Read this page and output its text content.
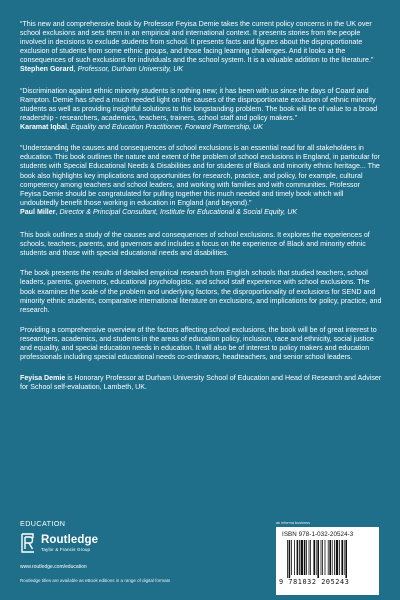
“This new and comprehensive book by Professor Feyisa Demie takes the current policy concerns in the UK over school exclusions and sets them in an empirical and international context. It presents stories from the people involved in decisions to exclude students from school. It presents facts and figures about the disproportionate exclusion of students from some ethnic groups, and those facing learning challenges. And it looks at the consequences of such exclusions for individuals and the school system. It is a valuable addition to the literature.”

Stephen Gorard, Professor, Durham University, UK

“Discrimination against ethnic minority students is nothing new; it has been with us since the days of Coard and Rampton. Demie has shed a much needed light on the causes of the disproportionate exclusion of ethnic minority students as well as providing insightful solutions to this longstanding problem. The book will be of value to a broad readership - researchers, academics, teachers, trainers, school staff and policy makers.”

Karamat Iqbal, Equality and Education Practitioner, Forward Partnership, UK

“Understanding the causes and consequences of school exclusions is an essential read for all stakeholders in education. This book outlines the nature and extent of the problem of school exclusions in England, in particular for students with Special Educational Needs & Disabilities and for students of Black and minority ethnic heritage... The book also highlights key implications and opportunities for research, practice, and policy, for example, cultural competency among teachers and school leaders, and working with families and with communities. Professor Feyisa Demie should be congratulated for pulling together this much needed and timely book which will undoubtedly benefit those working in education in England (and beyond).”

Paul Miller, Director & Principal Consultant, Institute for Educational & Social Equity, UK

This book outlines a study of the causes and consequences of school exclusions. It explores the experiences of schools, teachers, parents, and governors and includes a focus on the experience of Black and minority ethnic students and those with special educational needs and disabilities.

The book presents the results of detailed empirical research from English schools that studied teachers, school leaders, parents, governors, educational psychologists, and school staff experience with school exclusions. The book examines the scale of the problem and underlying factors, the disproportionality of exclusions for SEND and minority ethnic students, comparative international literature on exclusions, and implications for policy, practice, and research.

Providing a comprehensive overview of the factors affecting school exclusions, the book will be of great interest to researchers, academics, and students in the areas of education policy, inclusion, race and ethnicity, social justice and equality, and special education needs in education. It will also be of interest to policy makers and education professionals including special educational needs co-ordinators, headteachers, and senior school leaders.

Feyisa Demie is Honorary Professor at Durham University School of Education and Head of Research and Adviser for School self-evaluation, Lambeth, UK.

EDUCATION
Routledge
Taylor & Francis Group
www.routledge.com/education
Routledge titles are available as eBook editions in a range of digital formats
an informa business
ISBN 978-1-032-20524-3
9 781032 205243
